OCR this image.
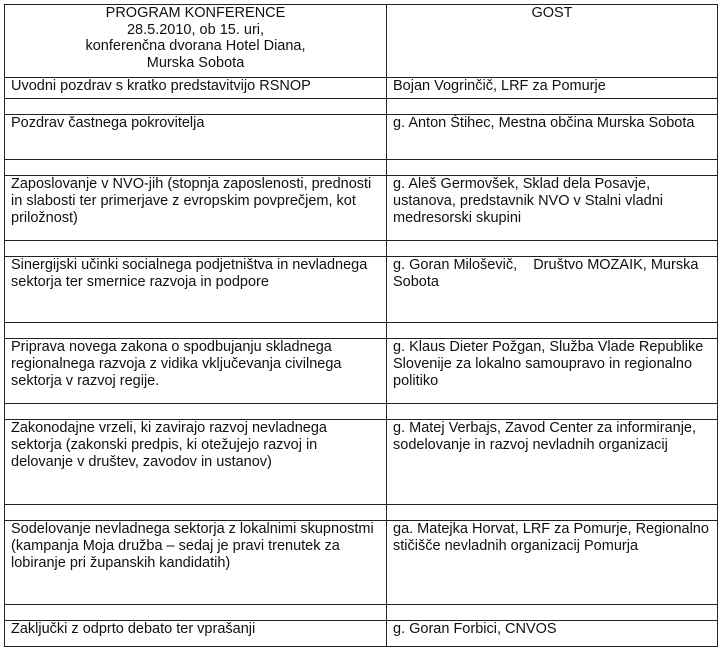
PROGRAM KONFERENCE
28.5.2010, ob 15. uri,
konferenčna dvorana Hotel Diana,
Murska Sobota	GOST

Uvodni pozdrav s kratko predstavitvijo RSNOP	Bojan Vogrinčič, LRF za Pomurje

Pozdrav častnega pokrovitelja	g. Anton Štihec, Mestna občina Murska Sobota

Zaposlovanje v NVO-jih (stopnja zaposlenosti, prednosti in slabosti ter primerjave z evropskim povprečjem, kot priložnost)	g. Aleš Germovšek, Sklad dela Posavje, ustanova, predstavnik NVO v Stalni vladni medresorski skupini

Sinergijski učinki socialnega podjetništva in nevladnega sektorja ter smernice razvoja in podpore	g. Goran Miloševič,    Društvo MOZAIK, Murska Sobota

Priprava novega zakona o spodbujanju skladnega regionalnega razvoja z vidika vključevanja civilnega sektorja v razvoj regije.	g. Klaus Dieter Požgan, Služba Vlade Republike Slovenije za lokalno samoupravo in regionalno politiko

Zakonodajne vrzeli, ki zavirajo razvoj nevladnega sektorja (zakonski predpis, ki otežujejo razvoj in delovanje v društev, zavodov in ustanov)	g. Matej Verbajs, Zavod Center za informiranje, sodelovanje in razvoj nevladnih organizacij

Sodelovanje nevladnega sektorja z lokalnimi skupnostmi (kampanja Moja družba – sedaj je pravi trenutek za lobiranje pri županskih kandidatih)	ga. Matejka Horvat, LRF za Pomurje, Regionalno stičišče nevladnih organizacij Pomurja

Zaključki z odprto debato ter vprašanji	g. Goran Forbici, CNVOS
